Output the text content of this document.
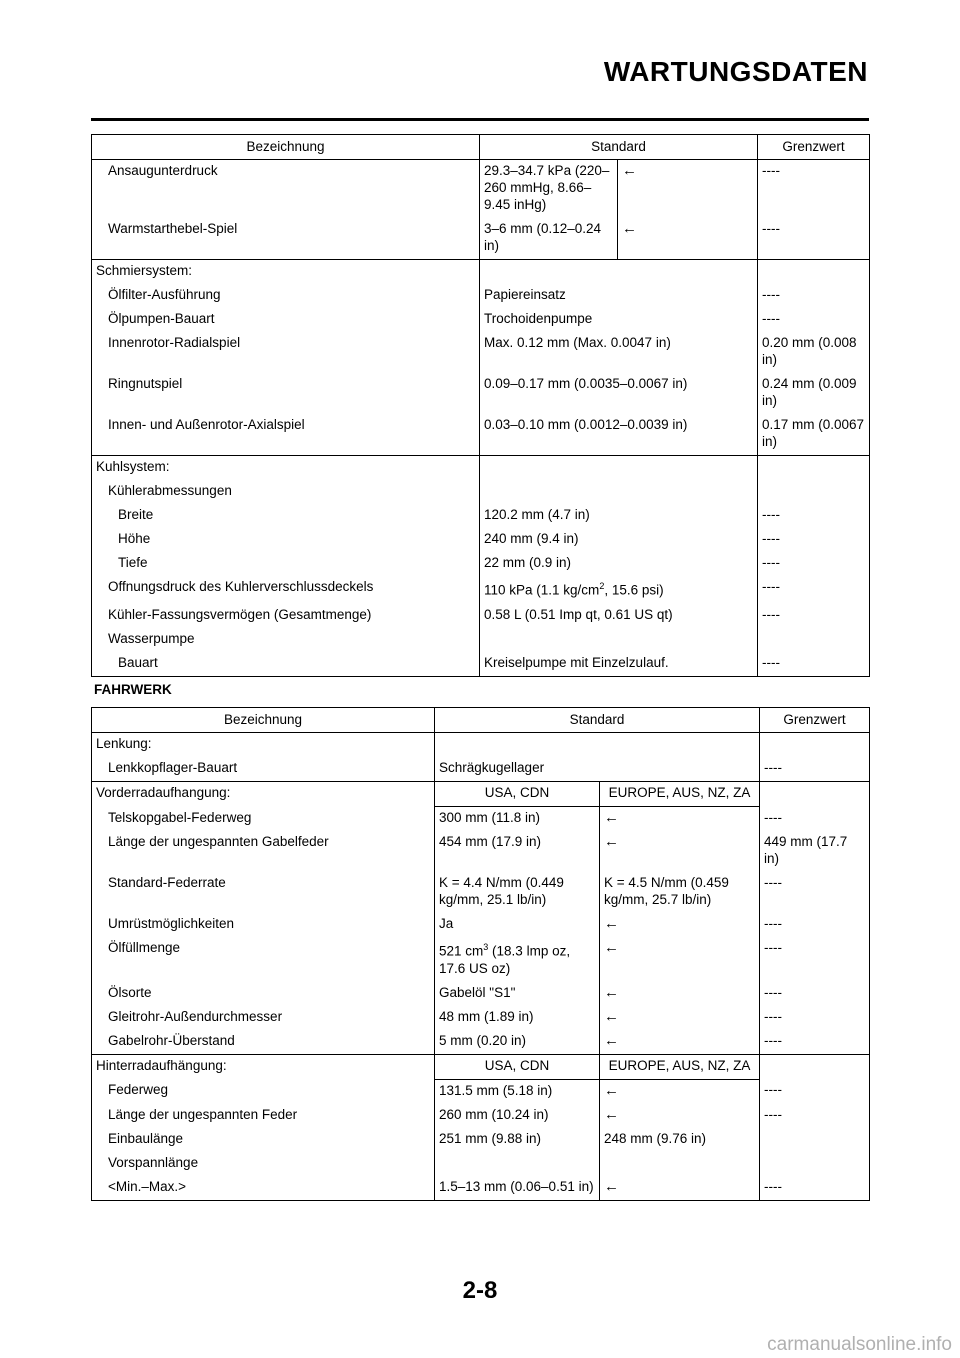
WARTUNGSDATEN
Bezeichnung	Standard		Grenzwert
Ansaugunterdruck	29.3–34.7 kPa (220–260 mmHg, 8.66–9.45 inHg)	←	----
Warmstarthebel-Spiel	3–6 mm (0.12–0.24 in)	←	----
Schmiersystem:			
Ölfilter-Ausführung	Papiereinsatz		----
Ölpumpen-Bauart	Trochoidenpumpe		----
Innenrotor-Radialspiel	Max. 0.12 mm (Max. 0.0047 in)		0.20 mm (0.008 in)
Ringnutspiel	0.09–0.17 mm (0.0035–0.0067 in)		0.24 mm (0.009 in)
Innen- und Außenrotor-Axialspiel	0.03–0.10 mm (0.0012–0.0039 in)		0.17 mm (0.0067 in)
Kuhlsystem:			
Kühlerabmessungen			
Breite	120.2 mm (4.7 in)		----
Höhe	240 mm (9.4 in)		----
Tiefe	22 mm (0.9 in)		----
Offnungsdruck des Kuhlerverschlussdeckels	110 kPa (1.1 $kg/cm^2$, 15.6 psi)		----
Kühler-Fassungsvermögen (Gesamtmenge)	0.58 L (0.51 Imp qt, 0.61 US qt)		----
Wasserpumpe			
Bauart	Kreiselpumpe mit Einzelzulauf.		----

FAHRWERK

Bezeichnung	Standard		Grenzwert
Lenkung:			
Lenkkopflager-Bauart	Schrägkugellager		----
Vorderradaufhangung:	USA, CDN	EUROPE, AUS, NZ, ZA	
Telskopgabel-Federweg	300 mm (11.8 in)	←	----
Länge der ungespannten Gabelfeder	454 mm (17.9 in)	←	449 mm (17.7 in)
Standard-Federrate	K = 4.4 N/mm (0.449 kg/mm, 25.1 lb/in)	K = 4.5 N/mm (0.459 kg/mm, 25.7 lb/in)	----
Umrüstmöglichkeiten	Ja	←	----
Ölfüllmenge	521 $cm^3$ (18.3 lmp oz, 17.6 US oz)	←	----
Ölsorte	Gabelöl "S1"	←	----
Gleitrohr-Außendurchmesser	48 mm (1.89 in)	←	----
Gabelrohr-Überstand	5 mm (0.20 in)	←	----
Hinterradaufhängung:	USA, CDN	EUROPE, AUS, NZ, ZA	
Federweg	131.5 mm (5.18 in)	←	----
Länge der ungespannten Feder	260 mm (10.24 in)	←	----
Einbaulänge	251 mm (9.88 in)	248 mm (9.76 in)	
Vorspannlänge			
<Min.–Max.>	1.5–13 mm (0.06–0.51 in)	←	----

2-8

carmanualsonline.info
